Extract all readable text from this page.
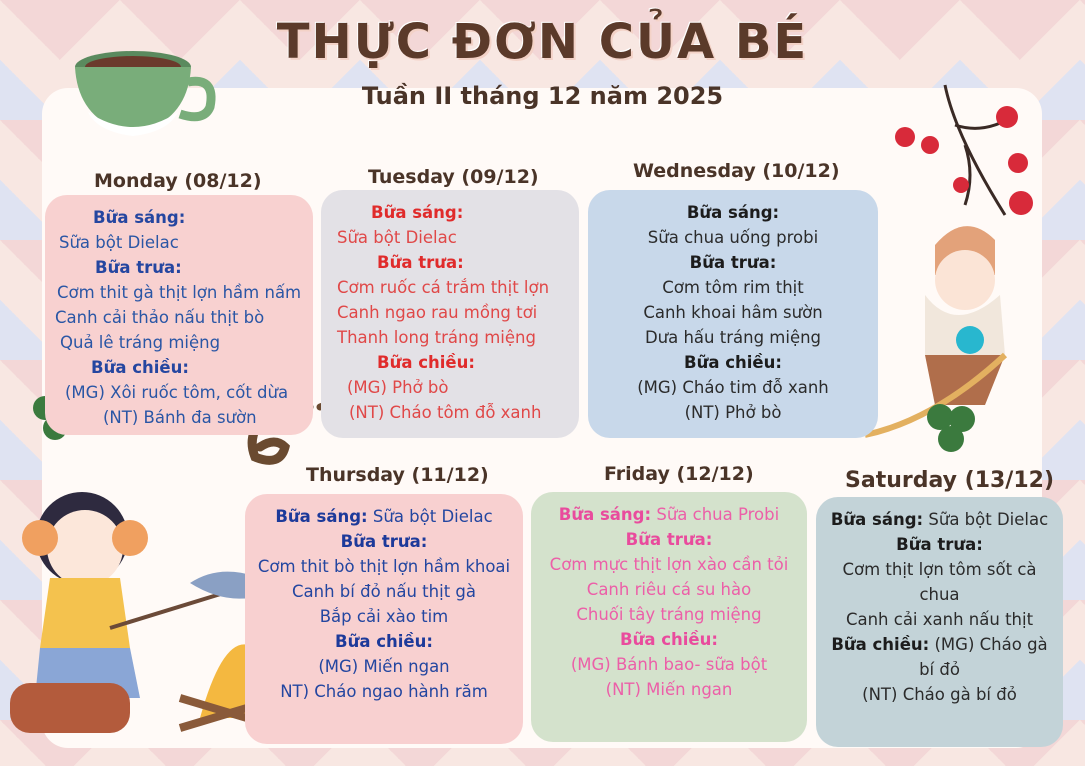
THỰC ĐƠN CỦA BÉ
Tuần II tháng 12 năm 2025
Monday (08/12)
Bữa sáng:
Sữa bột Dielac
Bữa trưa:
Cơm thit gà thịt lợn hầm nấm
Canh cải thảo nấu thịt bò
Quả lê tráng miệng
Bữa chiều:
(MG) Xôi ruốc tôm, cốt dừa
(NT) Bánh đa sườn
Tuesday (09/12)
Bữa sáng:
Sữa bột Dielac
Bữa trưa:
Cơm ruốc cá trắm thịt lợn
Canh ngao rau mồng tơi
Thanh long tráng miệng
Bữa chiều:
(MG) Phở bò
(NT) Cháo tôm đỗ xanh
Wednesday (10/12)
Bữa sáng:
Sữa chua uống probi
Bữa trưa:
Cơm tôm rim thịt
Canh khoai hâm sườn
Dưa hấu tráng miệng
Bữa chiều:
(MG) Cháo tim đỗ xanh
(NT) Phở bò
Thursday (11/12)
Bữa sáng: Sữa bột Dielac
Bữa trưa:
Cơm thit bò thịt lợn hầm khoai
Canh bí đỏ nấu thịt gà
Bắp cải xào tim
Bữa chiều:
(MG) Miến ngan
NT) Cháo ngao hành răm
Friday (12/12)
Bữa sáng: Sữa chua Probi
Bữa trưa:
Cơm mực thịt lợn xào cần tỏi
Canh riêu cá su hào
Chuối tây tráng miệng
Bữa chiều:
(MG) Bánh bao- sữa bột
(NT) Miến ngan
Saturday (13/12)
Bữa sáng: Sữa bột Dielac
Bữa trưa:
Cơm thịt lợn tôm sốt cà
chua
Canh cải xanh nấu thịt
Bữa chiều: (MG) Cháo gà
bí đỏ
(NT) Cháo gà bí đỏ
